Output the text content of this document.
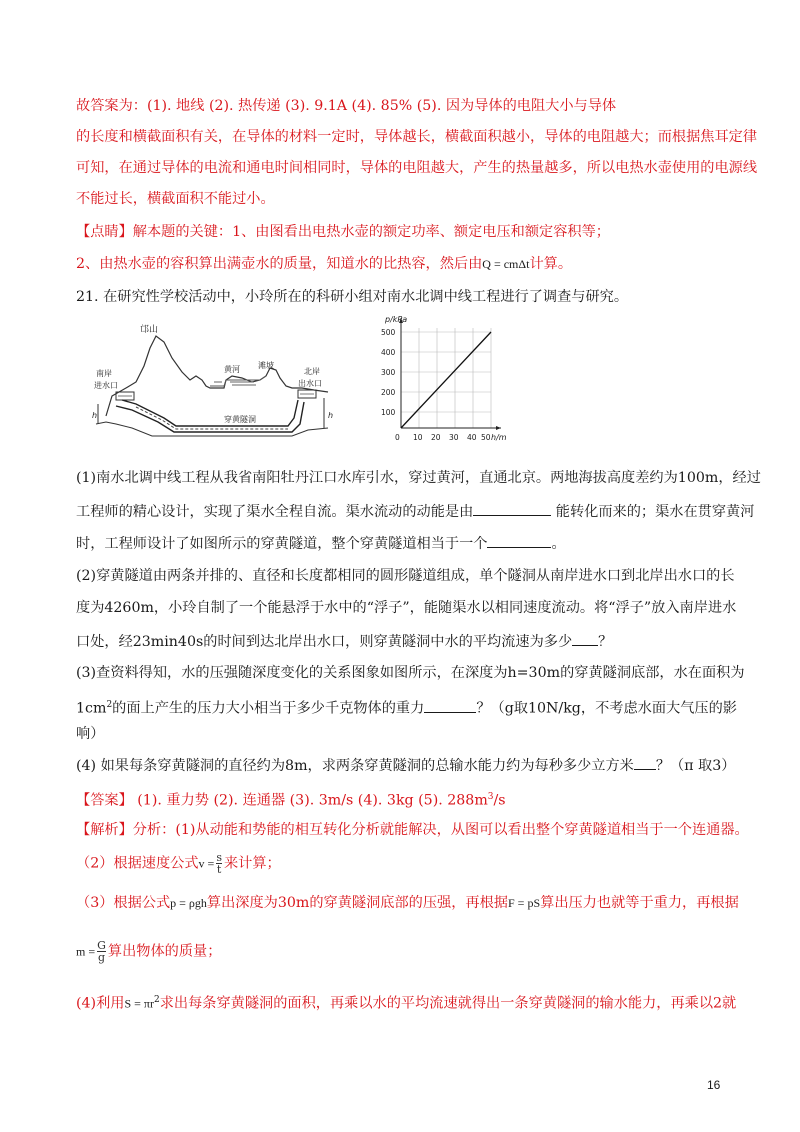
故答案为：(1). 地线 (2). 热传递 (3). 9.1A (4). 85% (5). 因为导体的电阻大小与导体
的长度和横截面积有关，在导体的材料一定时，导体越长，横截面积越小，导体的电阻越大；而根据焦耳定律
可知，在通过导体的电流和通电时间相同时，导体的电阻越大，产生的热量越多，所以电热水壶使用的电源线
不能过长，横截面积不能过小。
【点睛】解本题的关键：1、由图看出电热水壶的额定功率、额定电压和额定容积等；
2、由热水壶的容积算出满壶水的质量，知道水的比热容，然后由Q = cmΔt计算。
21. 在研究性学校活动中，小玲所在的科研小组对南水北调中线工程进行了调查与研究。
邙山
南岸
进水口
黄河 滩坡
北岸
出水口
穿黄隧洞
h	h
p/kPa
h/m
100
200
300
400
500
0 10 20 30 40 50
(1)南水北调中线工程从我省南阳牡丹江口水库引水，穿过黄河，直通北京。两地海拔高度差约为100m，经过
工程师的精心设计，实现了渠水全程自流。渠水流动的动能是由	能转化而来的；渠水在贯穿黄河
时，工程师设计了如图所示的穿黄隧道，整个穿黄隧道相当于一个	。
(2)穿黄隧道由两条并排的、直径和长度都相同的圆形隧道组成，单个隧洞从南岸进水口到北岸出水口的长
度为4260m，小玲自制了一个能悬浮于水中的“浮子”，能随渠水以相同速度流动。将“浮子”放入南岸进水
口处，经23min40s的时间到达北岸出水口，则穿黄隧洞中水的平均流速为多少 ？
(3)查资料得知，水的压强随深度变化的关系图象如图所示，在深度为h=30m的穿黄隧洞底部，水在面积为
$1cm^2$的面上产生的压力大小相当于多少千克物体的重力	？（g取10N/kg，不考虑水面大气压的影
响）
(4) 如果每条穿黄隧洞的直径约为8m，求两条穿黄隧洞的总输水能力约为每秒多少立方米 ？（π 取3）
【答案】 (1). 重力势 (2). 连通器 (3). 3m/s (4). 3kg (5). $288m^3/s$
【解析】分析：(1)从动能和势能的相互转化分析就能解决，从图可以看出整个穿黄隧道相当于一个连通器。
（2）根据速度公式$v = \frac{s}{t}$ 来计算；
（3）根据公式p = ρgh算出深度为30m的穿黄隧洞底部的压强，再根据F = pS算出压力也就等于重力，再根据
$m = \frac{G}{g}$ 算出物体的质量；
(4)利用$S = \pi r^2$求出每条穿黄隧洞的面积，再乘以水的平均流速就得出一条穿黄隧洞的输水能力，再乘以2就
16
